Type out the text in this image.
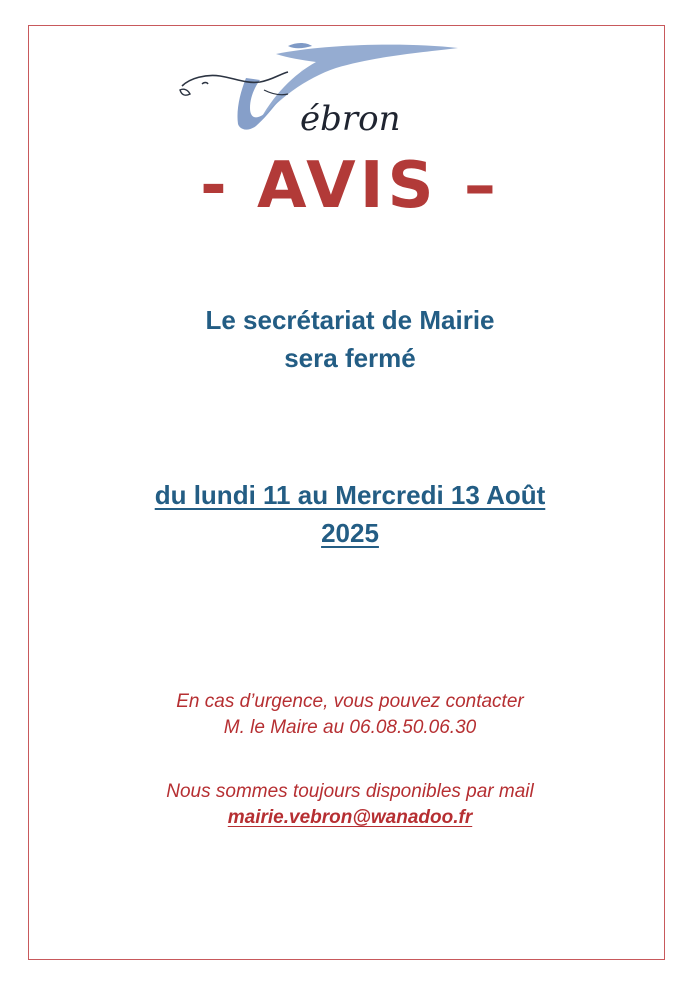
ébron
- AVIS –
Le secrétariat de Mairie
sera fermé
du lundi 11 au Mercredi 13 Août
2025
En cas d’urgence, vous pouvez contacter
M. le Maire au 06.08.50.06.30
Nous sommes toujours disponibles par mail
mairie.vebron@wanadoo.fr
